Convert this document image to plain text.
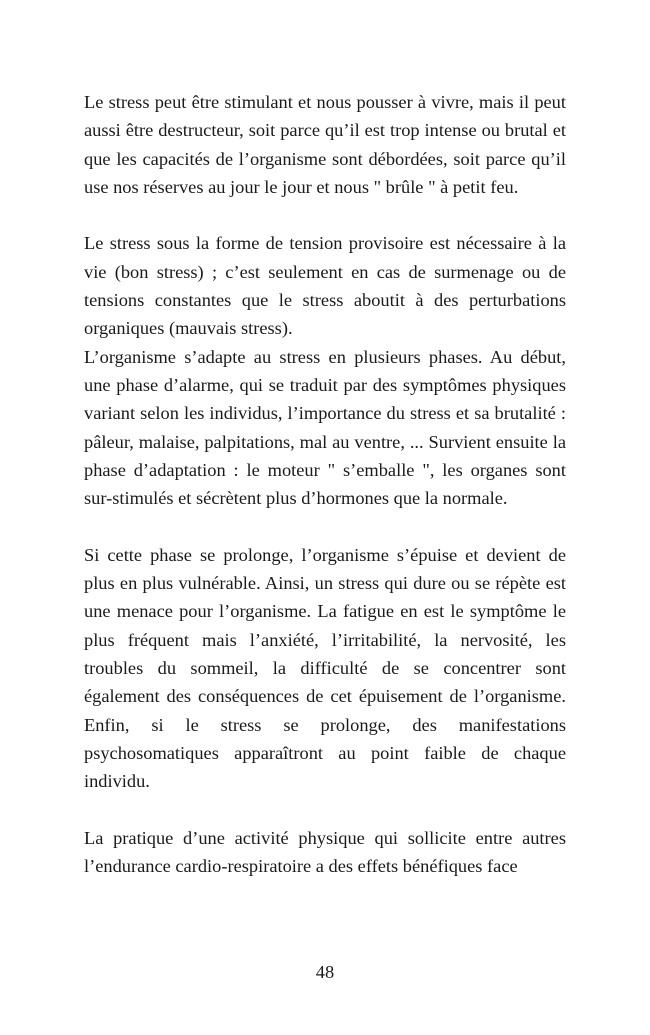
Le stress peut être stimulant et nous pousser à vivre, mais il peut aussi être destructeur, soit parce qu’il est trop intense ou brutal et que les capacités de l’organisme sont débordées, soit parce qu’il use nos réserves au jour le jour et nous " brûle " à petit feu.

Le stress sous la forme de tension provisoire est nécessaire à la vie (bon stress) ; c’est seulement en cas de surmenage ou de tensions constantes que le stress aboutit à des perturbations organiques (mauvais stress).

L’organisme s’adapte au stress en plusieurs phases. Au début, une phase d’alarme, qui se traduit par des symptômes physiques variant selon les individus, l’importance du stress et sa brutalité : pâleur, malaise, palpitations, mal au ventre, ... Survient ensuite la phase d’adaptation : le moteur " s’emballe ", les organes sont sur-stimulés et sécrètent plus d’hormones que la normale.

Si cette phase se prolonge, l’organisme s’épuise et devient de plus en plus vulnérable. Ainsi, un stress qui dure ou se répète est une menace pour l’organisme. La fatigue en est le symptôme le plus fréquent mais l’anxiété, l’irritabilité, la nervosité, les troubles du sommeil, la difficulté de se concentrer sont également des conséquences de cet épuisement de l’organisme. Enfin, si le stress se prolonge, des manifestations psychosomatiques apparaîtront au point faible de chaque individu.

La pratique d’une activité physique qui sollicite entre autres l’endurance cardio-respiratoire a des effets bénéfiques face

48
